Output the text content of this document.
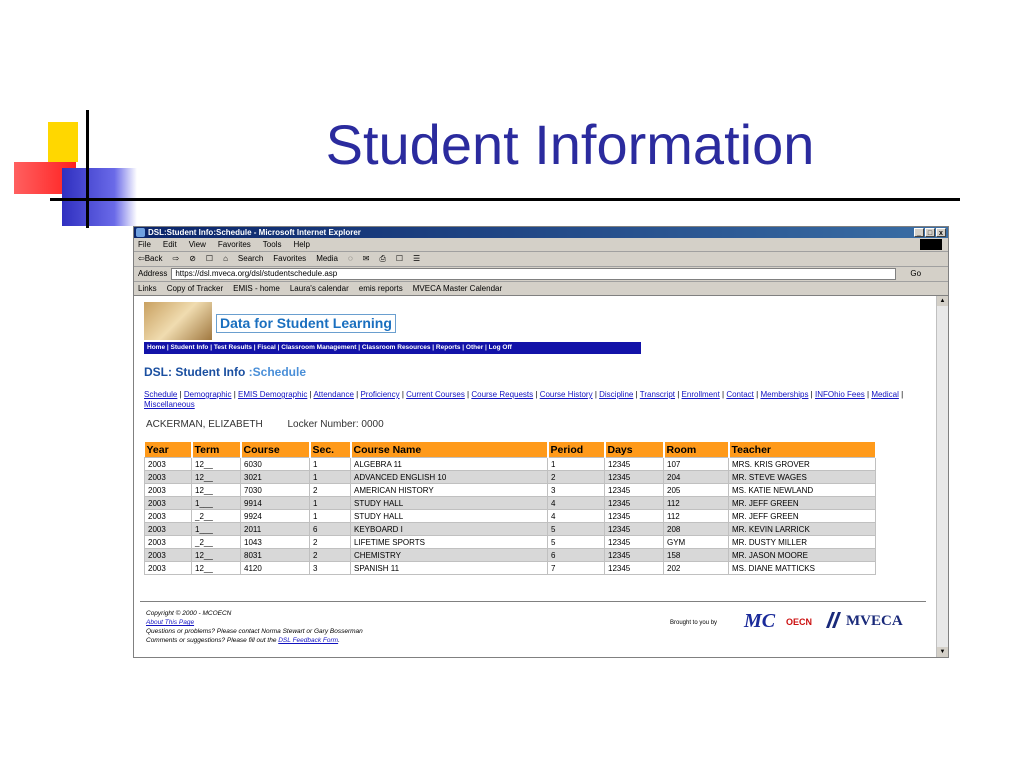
Student Information
DSL:Student Info:Schedule - Microsoft Internet Explorer	_ □ x
File Edit View Favorites Tools Help
⇦Back ⇨ ⊘ ☐ ⌂ Search Favorites Media ◌ ✉ ⎙ ☐ ☰
Address	https://dsl.mveca.org/dsl/studentschedule.asp	Go
Links Copy of Tracker EMIS - home Laura's calendar emis reports MVECA Master Calendar
Data for Student Learning
Home | Student Info | Test Results | Fiscal | Classroom Management | Classroom Resources | Reports | Other | Log Off
DSL: Student Info :Schedule
Schedule | Demographic | EMIS Demographic | Attendance | Proficiency | Current Courses | Course Requests | Course History | Discipline | Transcript | Enrollment | Contact | Memberships | INFOhio Fees | Medical | Miscellaneous
ACKERMAN, ELIZABETH Locker Number: 0000
Year	Term	Course	Sec.	Course Name	Period	Days	Room	Teacher
2003	12__	6030	1	ALGEBRA 11	1	12345	107	MRS. KRIS GROVER
2003	12__	3021	1	ADVANCED ENGLISH 10	2	12345	204	MR. STEVE WAGES
2003	12__	7030	2	AMERICAN HISTORY	3	12345	205	MS. KATIE NEWLAND
2003	1___	9914	1	STUDY HALL	4	12345	112	MR. JEFF GREEN
2003	_2__	9924	1	STUDY HALL	4	12345	112	MR. JEFF GREEN
2003	1___	2011	6	KEYBOARD I	5	12345	208	MR. KEVIN LARRICK
2003	_2__	1043	2	LIFETIME SPORTS	5	12345	GYM	MR. DUSTY MILLER
2003	12__	8031	2	CHEMISTRY	6	12345	158	MR. JASON MOORE
2003	12__	4120	3	SPANISH 11	7	12345	202	MS. DIANE MATTICKS
Copyright © 2000 - MCOECN
About This Page
Questions or problems? Please contact Norma Stewart or Gary Bosserman
Comments or suggestions? Please fill out the DSL Feedback Form.
Brought to you by MC OECN MVECA
▲
▼
